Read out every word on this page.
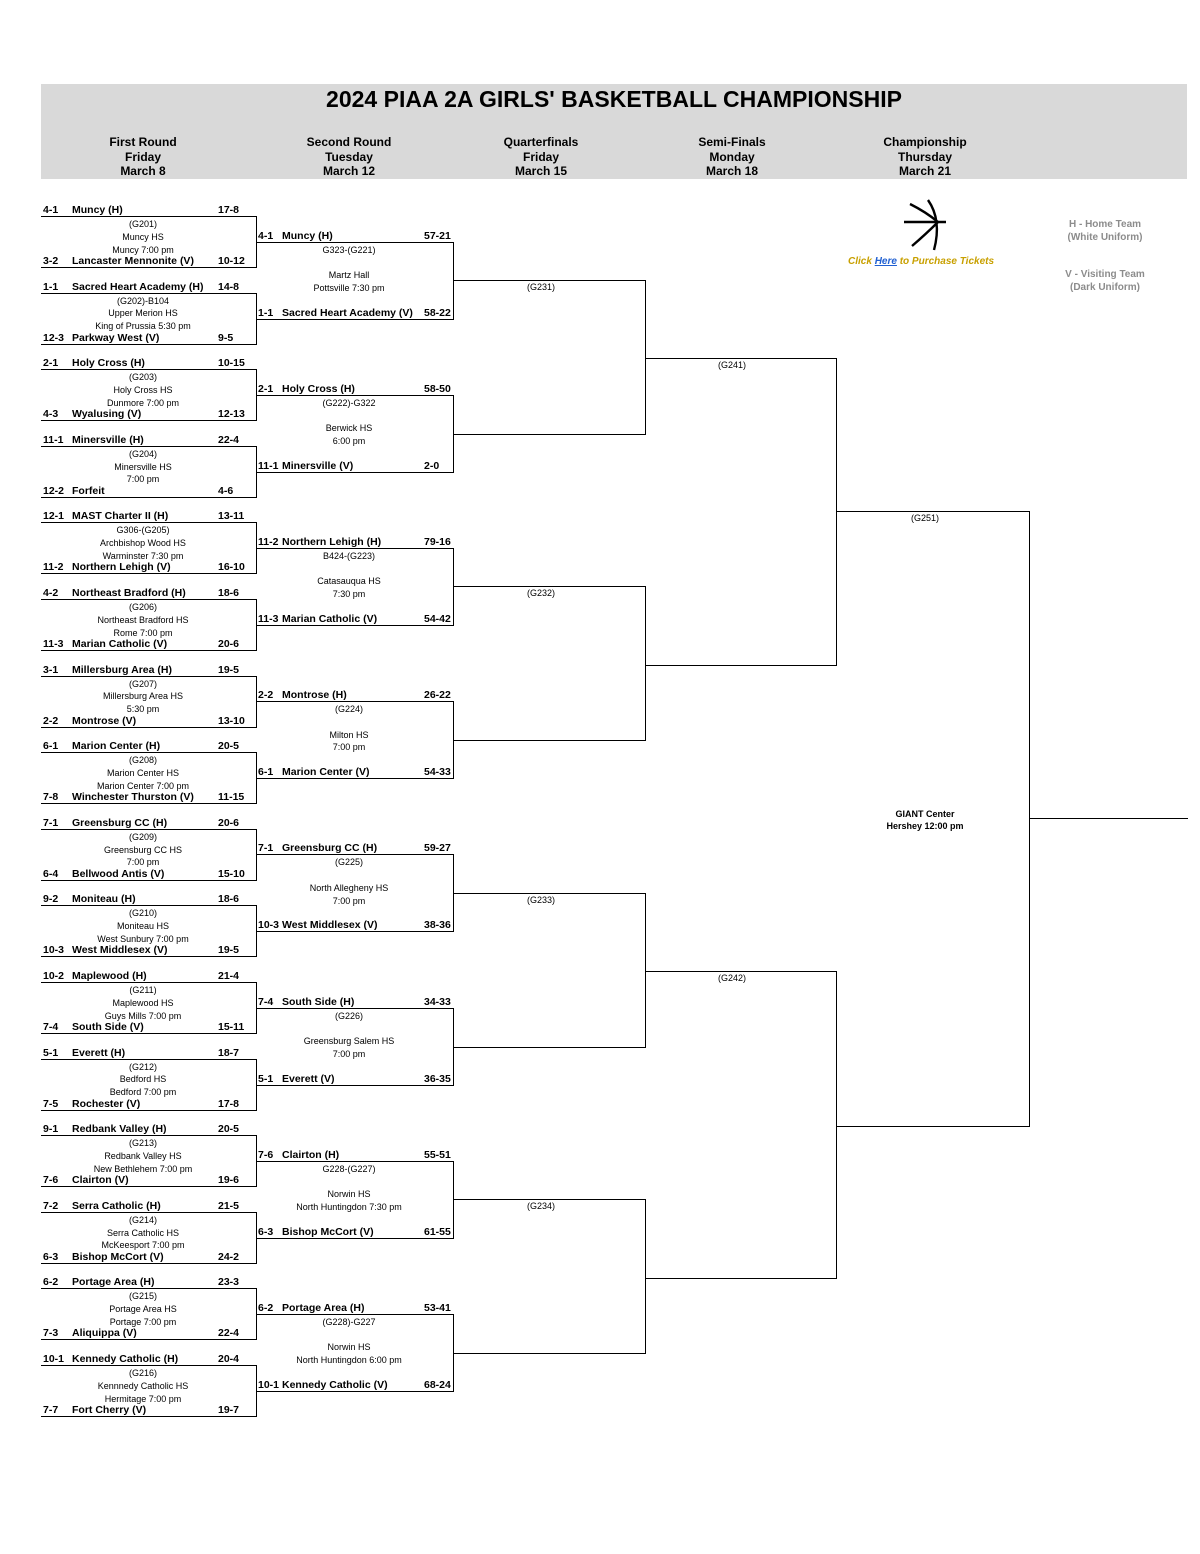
2024 PIAA 2A GIRLS' BASKETBALL CHAMPIONSHIP
First Round
Friday
March 8
Second Round
Tuesday
March 12
Quarterfinals
Friday
March 15
Semi-Finals
Monday
March 18
Championship
Thursday
March 21
Click Here to Purchase Tickets
H - Home Team
(White Uniform)
V - Visiting Team
(Dark Uniform)
4-1 Muncy (H)	17-8
3-2 Lancaster Mennonite (V) 10-12
(G201)
Muncy HS
Muncy 7:00 pm
1-1 Sacred Heart Academy (H) 14-8
12-3 Parkway West (V)	9-5
(G202)-B104
Upper Merion HS
King of Prussia 5:30 pm
2-1 Holy Cross (H)	10-15
4-3 Wyalusing (V)	12-13
(G203)
Holy Cross HS
Dunmore 7:00 pm
11-1 Minersville (H)	22-4
12-2 Forfeit	4-6
(G204)
Minersville HS
7:00 pm
12-1 MAST Charter II (H)	13-11
11-2 Northern Lehigh (V)	16-10
G306-(G205)
Archbishop Wood HS
Warminster 7:30 pm
4-2 Northeast Bradford (H)	18-6
11-3 Marian Catholic (V)	20-6
(G206)
Northeast Bradford HS
Rome 7:00 pm
3-1 Millersburg Area (H)	19-5
2-2 Montrose (V)	13-10
(G207)
Millersburg Area HS
5:30 pm
6-1 Marion Center (H)	20-5
7-8 Winchester Thurston (V) 11-15
(G208)
Marion Center HS
Marion Center 7:00 pm
7-1 Greensburg CC (H)	20-6
6-4 Bellwood Antis (V)	15-10
(G209)
Greensburg CC HS
7:00 pm
9-2 Moniteau (H)	18-6
10-3 West Middlesex (V)	19-5
(G210)
Moniteau HS
West Sunbury 7:00 pm
10-2 Maplewood (H)	21-4
7-4 South Side (V)	15-11
(G211)
Maplewood HS
Guys Mills 7:00 pm
5-1 Everett (H)	18-7
7-5 Rochester (V)	17-8
(G212)
Bedford HS
Bedford 7:00 pm
9-1 Redbank Valley (H)	20-5
7-6 Clairton (V)	19-6
(G213)
Redbank Valley HS
New Bethlehem 7:00 pm
7-2 Serra Catholic (H)	21-5
6-3 Bishop McCort (V)	24-2
(G214)
Serra Catholic HS
McKeesport 7:00 pm
6-2 Portage Area (H)	23-3
7-3 Aliquippa (V)	22-4
(G215)
Portage Area HS
Portage 7:00 pm
10-1 Kennedy Catholic (H)	20-4
7-7 Fort Cherry (V)	19-7
(G216)
Kennnedy Catholic HS
Hermitage 7:00 pm
4-1 Muncy (H)	57-21
1-1 Sacred Heart Academy (V) 58-22
G323-(G221)

Martz Hall
Pottsville 7:30 pm
2-1 Holy Cross (H)	58-50
11-1 Minersville (V)	2-0
(G222)-G322

Berwick HS
6:00 pm
11-2 Northern Lehigh (H)	79-16
11-3 Marian Catholic (V)	54-42
B424-(G223)

Catasauqua HS
7:30 pm
2-2 Montrose (H)	26-22
6-1 Marion Center (V)	54-33
(G224)

Milton HS
7:00 pm
7-1 Greensburg CC (H)	59-27
10-3 West Middlesex (V)	38-36
(G225)

North Allegheny HS
7:00 pm
7-4 South Side (H)	34-33
5-1 Everett (V)	36-35
(G226)

Greensburg Salem HS
7:00 pm
7-6 Clairton (H)	55-51
6-3 Bishop McCort (V)	61-55
G228-(G227)

Norwin HS
North Huntingdon 7:30 pm
6-2 Portage Area (H)	53-41
10-1 Kennedy Catholic (V)	68-24
(G228)-G227

Norwin HS
North Huntingdon 6:00 pm
(G231)
(G232)
(G233)
(G234)
(G241)
(G242)
(G251)
GIANT Center
Hershey 12:00 pm
